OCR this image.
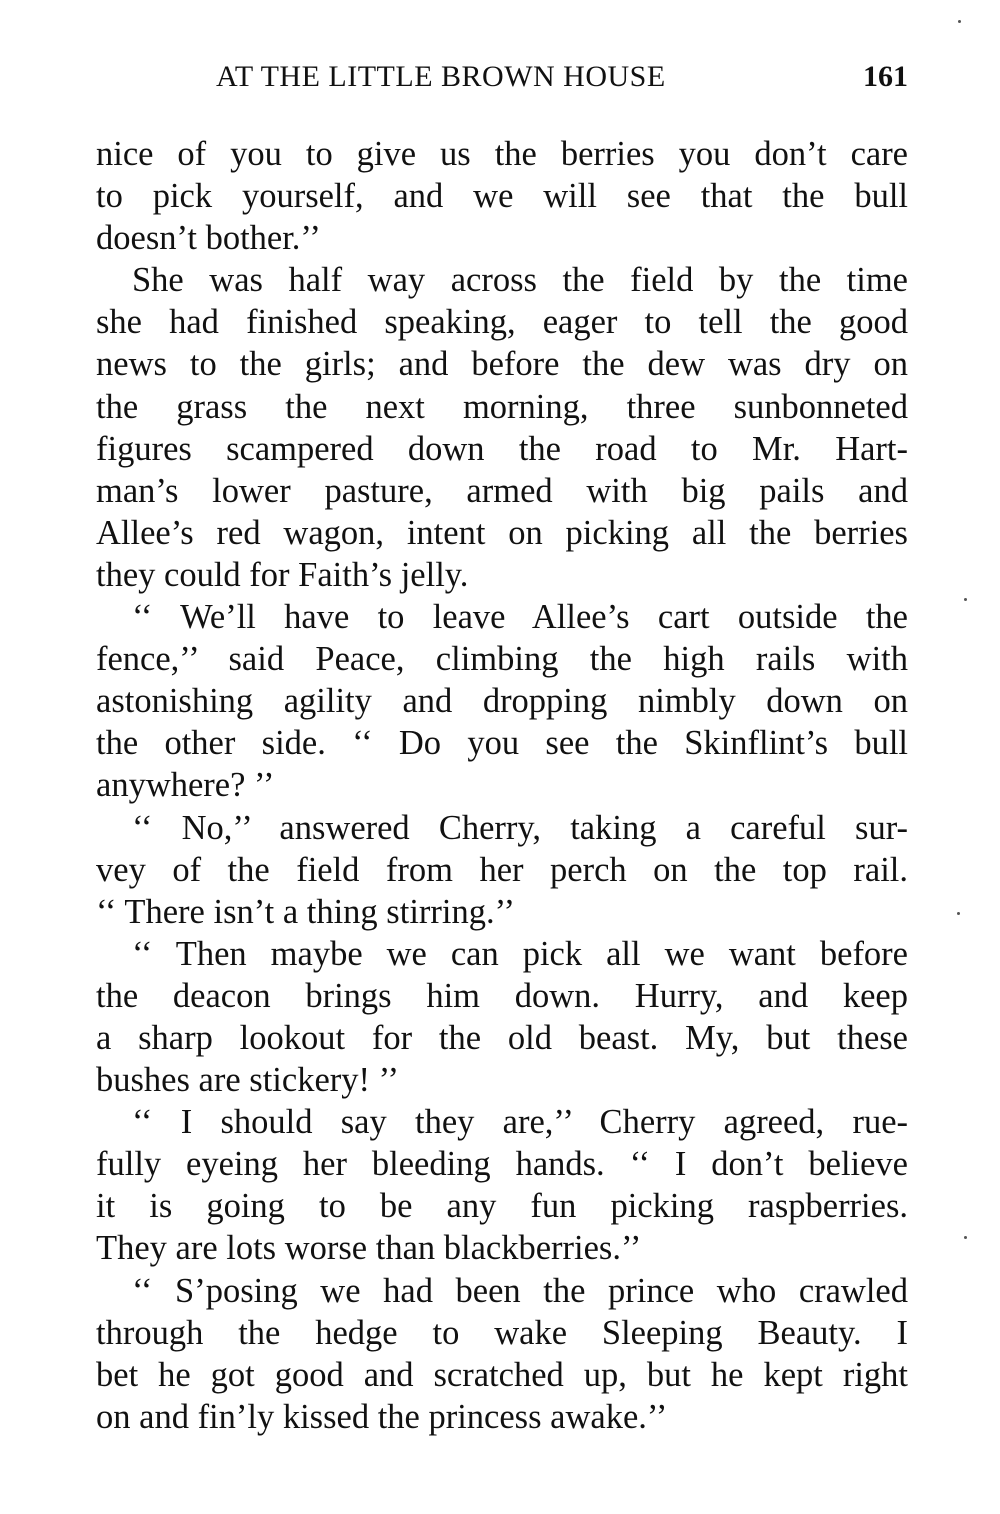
AT THE LITTLE BROWN HOUSE	161
nice of you to give us the berries you don’t care
to pick yourself, and we will see that the bull
doesn’t bother.’’
She was half way across the field by the time
she had finished speaking, eager to tell the good
news to the girls; and before the dew was dry on
the grass the next morning, three sunbonneted
figures scampered down the road to Mr. Hart-
man’s lower pasture, armed with big pails and
Allee’s red wagon, intent on picking all the berries
they could for Faith’s jelly.
‘‘ We’ll have to leave Allee’s cart outside the
fence,’’ said Peace, climbing the high rails with
astonishing agility and dropping nimbly down on
the other side. ‘‘ Do you see the Skinflint’s bull
anywhere? ’’
‘‘ No,’’ answered Cherry, taking a careful sur-
vey of the field from her perch on the top rail.
‘‘ There isn’t a thing stirring.’’
‘‘ Then maybe we can pick all we want before
the deacon brings him down. Hurry, and keep
a sharp lookout for the old beast. My, but these
bushes are stickery! ’’
‘‘ I should say they are,’’ Cherry agreed, rue-
fully eyeing her bleeding hands. ‘‘ I don’t believe
it is going to be any fun picking raspberries.
They are lots worse than blackberries.’’
‘‘ S’posing we had been the prince who crawled
through the hedge to wake Sleeping Beauty. I
bet he got good and scratched up, but he kept right
on and fin’ly kissed the princess awake.’’
